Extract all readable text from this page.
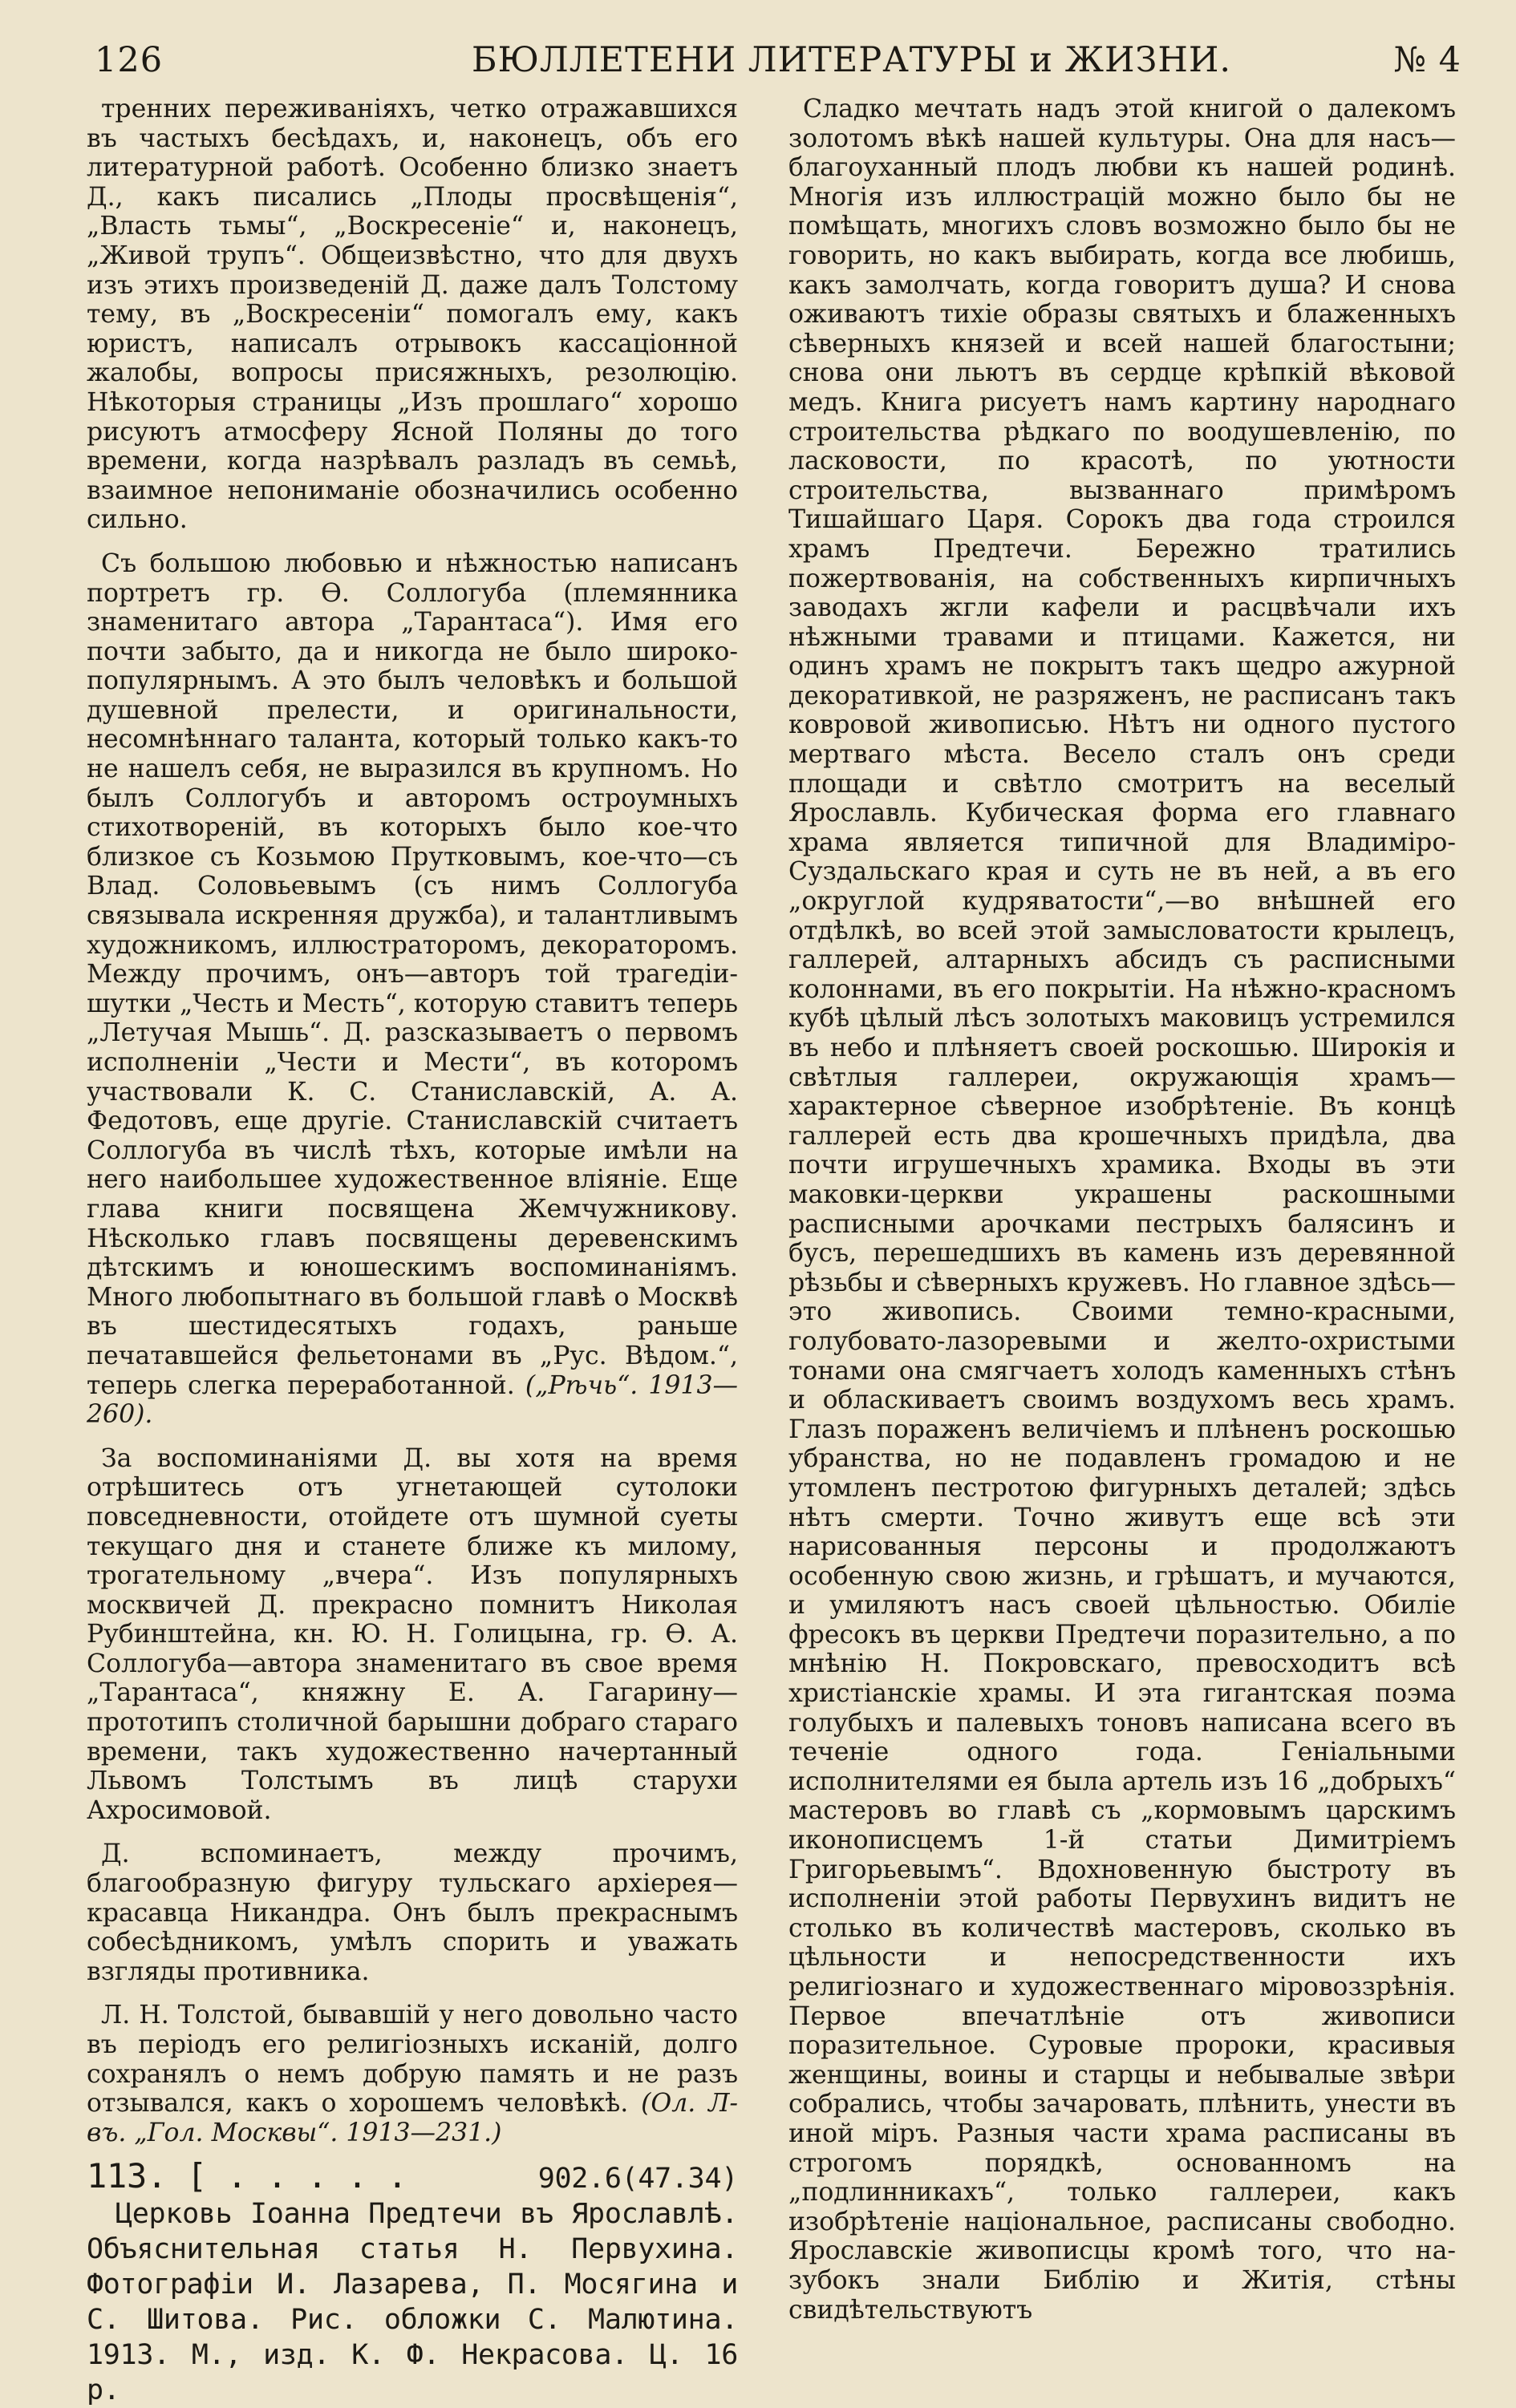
126	БЮЛЛЕТЕНИ ЛИТЕРАТУРЫ и ЖИЗНИ.	№ 4

тренних переживаніяхъ, четко отражавшихся въ частыхъ бесѣдахъ, и, наконецъ, объ его литературной работѣ. Особенно близко знаетъ Д., какъ писались „Плоды просвѣщенія“, „Власть тьмы“, „Воскресеніе“ и, наконецъ, „Живой трупъ“. Общеизвѣстно, что для двухъ изъ этихъ произведеній Д. даже далъ Толстому тему, въ „Воскресеніи“ помогалъ ему, какъ юристъ, написалъ отрывокъ кассаціонной жалобы, вопросы присяжныхъ, резолюцію. Нѣкоторыя страницы „Изъ прошлаго“ хорошо рисуютъ атмосферу Ясной Поляны до того времени, когда назрѣвалъ разладъ въ семьѣ, взаимное непониманіе обозначились особенно сильно.

Съ большою любовью и нѣжностью написанъ портретъ гр. Ѳ. Соллогуба (племянника знаменитаго автора „Тарантаса“). Имя его почти забыто, да и никогда не было широко-популярнымъ. А это былъ человѣкъ и большой душевной прелести, и оригинальности, несомнѣннаго таланта, который только какъ-то не нашелъ себя, не выразился въ крупномъ. Но былъ Соллогубъ и авторомъ остроумныхъ стихотвореній, въ которыхъ было кое-что близкое съ Козьмою Прутковымъ, кое-что—съ Влад. Соловьевымъ (съ нимъ Соллогуба связывала искренняя дружба), и талантливымъ художникомъ, иллюстраторомъ, декораторомъ. Между прочимъ, онъ—авторъ той трагедіи-шутки „Честь и Месть“, которую ставитъ теперь „Летучая Мышь“. Д. разсказываетъ о первомъ исполненіи „Чести и Мести“, въ которомъ участвовали К. С. Станиславскій, А. А. Федотовъ, еще другіе. Станиславскій считаетъ Соллогуба въ числѣ тѣхъ, которые имѣли на него наибольшее художественное вліяніе. Еще глава книги посвящена Жемчужникову. Нѣсколько главъ посвящены деревенскимъ дѣтскимъ и юношескимъ воспоминаніямъ. Много любопытнаго въ большой главѣ о Москвѣ въ шестидесятыхъ годахъ, раньше печатавшейся фельетонами въ „Рус. Вѣдом.“, теперь слегка переработанной. („Рѣчь“. 1913—260).

За воспоминаніями Д. вы хотя на время отрѣшитесь отъ угнетающей сутолоки повседневности, отойдете отъ шумной суеты текущаго дня и станете ближе къ милому, трогательному „вчера“. Изъ популярныхъ москвичей Д. прекрасно помнитъ Николая Рубинштейна, кн. Ю. Н. Голицына, гр. Ѳ. А. Соллогуба—автора знаменитаго въ свое время „Тарантаса“, княжну Е. А. Гагарину—прототипъ столичной барышни добраго стараго времени, такъ художественно начертанный Львомъ Толстымъ въ лицѣ старухи Ахросимовой.

Д. вспоминаетъ, между прочимъ, благообразную фигуру тульскаго архіерея—красавца Никандра. Онъ былъ прекраснымъ собесѣдникомъ, умѣлъ спорить и уважать взгляды противника.

Л. Н. Толстой, бывавшій у него довольно часто въ періодъ его религіозныхъ исканій, долго сохранялъ о немъ добрую память и не разъ отзывался, какъ о хорошемъ человѣкѣ. (Ол. Л-въ. „Гол. Москвы“. 1913—231.)

113. [ . . . . .	902.6(47.34)

Церковь Іоанна Предтечи въ Ярославлѣ. Объяснительная статья Н. Первухина. Фотографіи И. Лазарева, П. Мосягина и С. Шитова. Рис. обложки С. Малютина. 1913. М., изд. К. Ф. Некрасова. Ц. 16 р.

Сладко мечтать надъ этой книгой о далекомъ золотомъ вѣкѣ нашей культуры. Она для насъ—благоуханный плодъ любви къ нашей родинѣ. Многія изъ иллюстрацій можно было бы не помѣщать, многихъ словъ возможно было бы не говорить, но какъ выбирать, когда все любишь, какъ замолчать, когда говоритъ душа? И снова оживаютъ тихіе образы святыхъ и блаженныхъ сѣверныхъ князей и всей нашей благостыни; снова они льютъ въ сердце крѣпкій вѣковой медъ. Книга рисуетъ намъ картину народнаго строительства рѣдкаго по воодушевленію, по ласковости, по красотѣ, по уютности строительства, вызваннаго примѣромъ Тишайшаго Царя. Сорокъ два года строился храмъ Предтечи. Бережно тратились пожертвованія, на собственныхъ кирпичныхъ заводахъ жгли кафели и расцвѣчали ихъ нѣжными травами и птицами. Кажется, ни одинъ храмъ не покрытъ такъ щедро ажурной декоративкой, не разряженъ, не расписанъ такъ ковровой живописью. Нѣтъ ни одного пустого мертваго мѣста. Весело сталъ онъ среди площади и свѣтло смотритъ на веселый Ярославль. Кубическая форма его главнаго храма является типичной для Владиміро-Суздальскаго края и суть не въ ней, а въ его „округлой кудряватости“,—во внѣшней его отдѣлкѣ, во всей этой замысловатости крылецъ, галлерей, алтарныхъ абсидъ съ расписными колоннами, въ его покрытіи. На нѣжно-красномъ кубѣ цѣлый лѣсъ золотыхъ маковицъ устремился въ небо и плѣняетъ своей роскошью. Широкія и свѣтлыя галлереи, окружающія храмъ—характерное сѣверное изобрѣтеніе. Въ концѣ галлерей есть два крошечныхъ придѣла, два почти игрушечныхъ храмика. Входы въ эти маковки-церкви украшены раскошными расписными арочками пестрыхъ балясинъ и бусъ, перешедшихъ въ камень изъ деревянной рѣзьбы и сѣверныхъ кружевъ. Но главное здѣсь—это живопись. Своими темно-красными, голубовато-лазоревыми и желто-охристыми тонами она смягчаетъ холодъ каменныхъ стѣнъ и обласкиваетъ своимъ воздухомъ весь храмъ. Глазъ пораженъ величіемъ и плѣненъ роскошью убранства, но не подавленъ громадою и не утомленъ пестротою фигурныхъ деталей; здѣсь нѣтъ смерти. Точно живутъ еще всѣ эти нарисованныя персоны и продолжаютъ особенную свою жизнь, и грѣшатъ, и мучаются, и умиляютъ насъ своей цѣльностью. Обиліе фресокъ въ церкви Предтечи поразительно, а по мнѣнію Н. Покровскаго, превосходитъ всѣ христіанскіе храмы. И эта гигантская поэма голубыхъ и палевыхъ тоновъ написана всего въ теченіе одного года. Геніальными исполнителями ея была артель изъ 16 „добрыхъ“ мастеровъ во главѣ съ „кормовымъ царскимъ иконописцемъ 1-й статьи Димитріемъ Григорьевымъ“. Вдохновенную быстроту въ исполненіи этой работы Первухинъ видитъ не столько въ количествѣ мастеровъ, сколько въ цѣльности и непосредственности ихъ религіознаго и художественнаго міровоззрѣнія. Первое впечатлѣніе отъ живописи поразительное. Суровые пророки, красивыя женщины, воины и старцы и небывалые звѣри собрались, чтобы зачаровать, плѣнить, унести въ иной міръ. Разныя части храма расписаны въ строгомъ порядкѣ, основанномъ на „подлинникахъ“, только галлереи, какъ изобрѣтеніе національное, расписаны свободно. Ярославскіе живописцы кромѣ того, что на-зубокъ знали Библію и Житія, стѣны свидѣтельствуютъ
